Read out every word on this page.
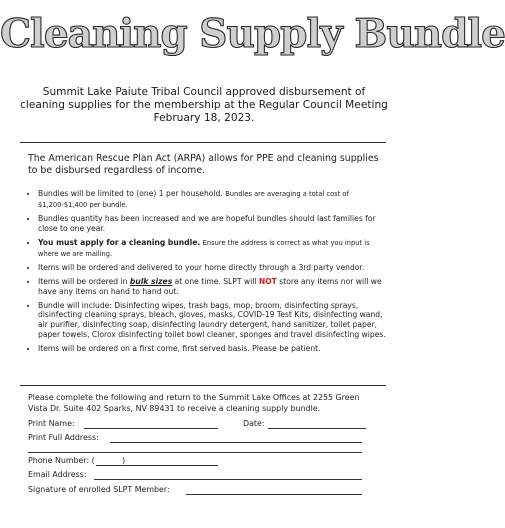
Cleaning Supply Bundle
Summit Lake Paiute Tribal Council approved disbursement of cleaning supplies for the membership at the Regular Council Meeting February 18, 2023.
The American Rescue Plan Act (ARPA) allows for PPE and cleaning supplies to be disbursed regardless of income.
• Bundles will be limited to (one) 1 per household. Bundles are averaging a total cost of $1,200-$1,400 per bundle.
• Bundles quantity has been increased and we are hopeful bundles should last families for close to one year.
• You must apply for a cleaning bundle. Ensure the address is correct as what you input is where we are mailing.
• Items will be ordered and delivered to your home directly through a 3rd party vendor.
• Items will be ordered in bulk sizes at one time. SLPT will NOT store any items nor will we have any items on hand to hand out.
• Bundle will include: Disinfecting wipes, trash bags, mop, broom, disinfecting sprays, disinfecting cleaning sprays, bleach, gloves, masks, COVID-19 Test Kits, disinfecting wand, air purifier, disinfecting soap, disinfecting laundry detergent, hand sanitizer, toilet paper, paper towels, Clorox disinfecting toilet bowl cleaner, sponges and travel disinfecting wipes.
• Items will be ordered on a first come, first served basis. Please be patient.
Please complete the following and return to the Summit Lake Offices at 2255 Green Vista Dr. Suite 402 Sparks, NV 89431 to receive a cleaning supply bundle.
Print Name:	Date:
Print Full Address:
Phone Number: (	)
Email Address:
Signature of enrolled SLPT Member:
